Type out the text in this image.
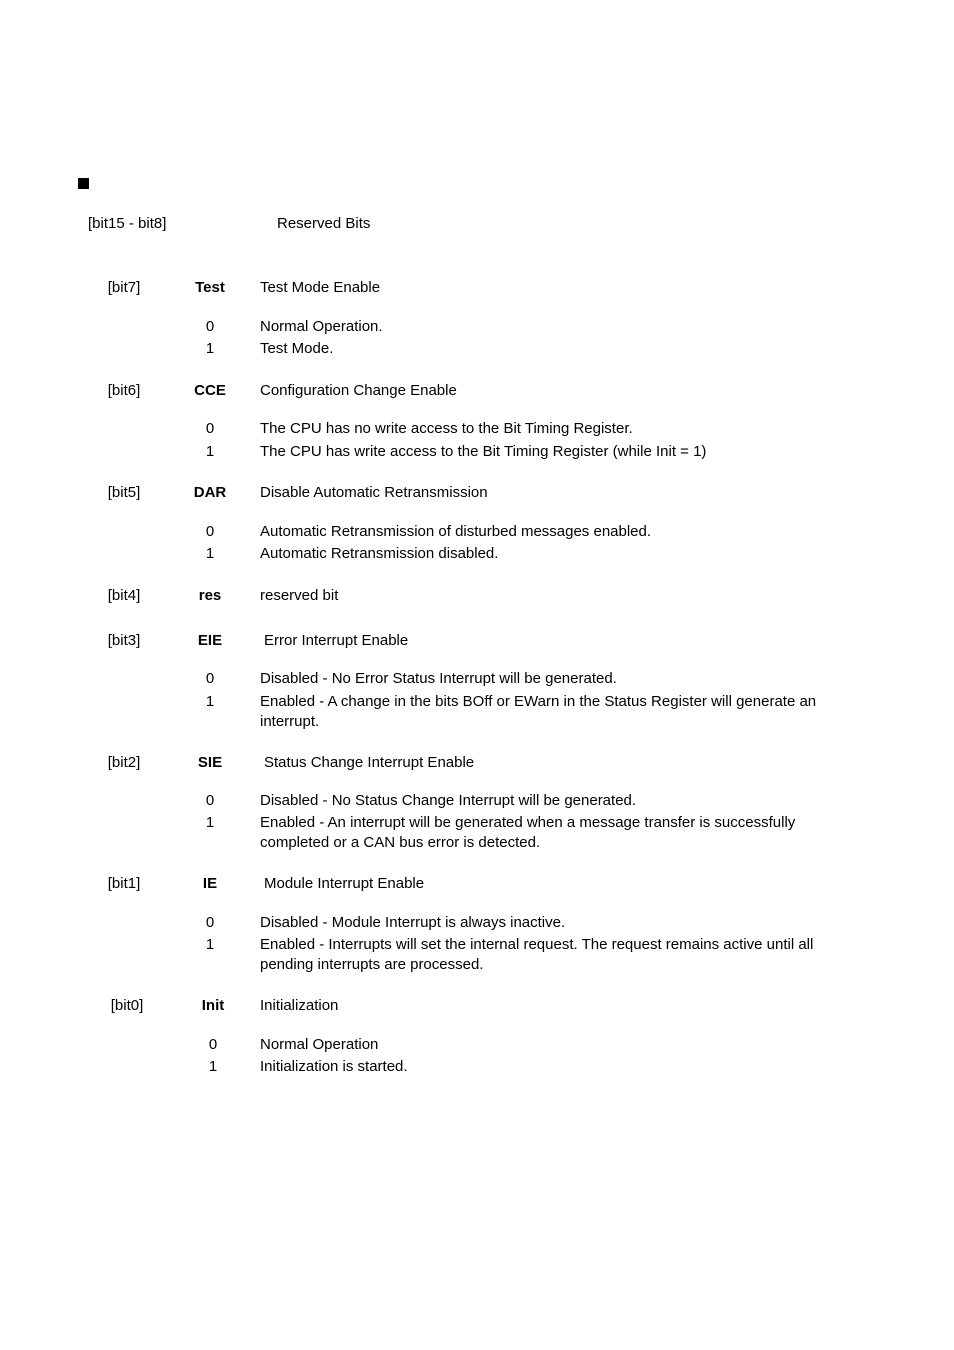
[bit15 - bit8]	Reserved Bits
[bit7]	Test	Test Mode Enable
0	Normal Operation.
1	Test Mode.
[bit6]	CCE	Configuration Change Enable
0	The CPU has no write access to the Bit Timing Register.
1	The CPU has write access to the Bit Timing Register (while Init = 1)
[bit5]	DAR	Disable Automatic Retransmission
0	Automatic Retransmission of disturbed messages enabled.
1	Automatic Retransmission disabled.
[bit4]	res	reserved bit
[bit3]	EIE	Error Interrupt Enable
0	Disabled - No Error Status Interrupt will be generated.
1	Enabled - A change in the bits BOff or EWarn in the Status Register will generate an interrupt.
[bit2]	SIE	Status Change Interrupt Enable
0	Disabled - No Status Change Interrupt will be generated.
1	Enabled - An interrupt will be generated when a message transfer is successfully completed or a CAN bus error is detected.
[bit1]	IE	Module Interrupt Enable
0	Disabled - Module Interrupt is always inactive.
1	Enabled - Interrupts will set the internal request. The request remains active until all pending interrupts are processed.
[bit0]	Init	Initialization
0	Normal Operation
1	Initialization is started.
